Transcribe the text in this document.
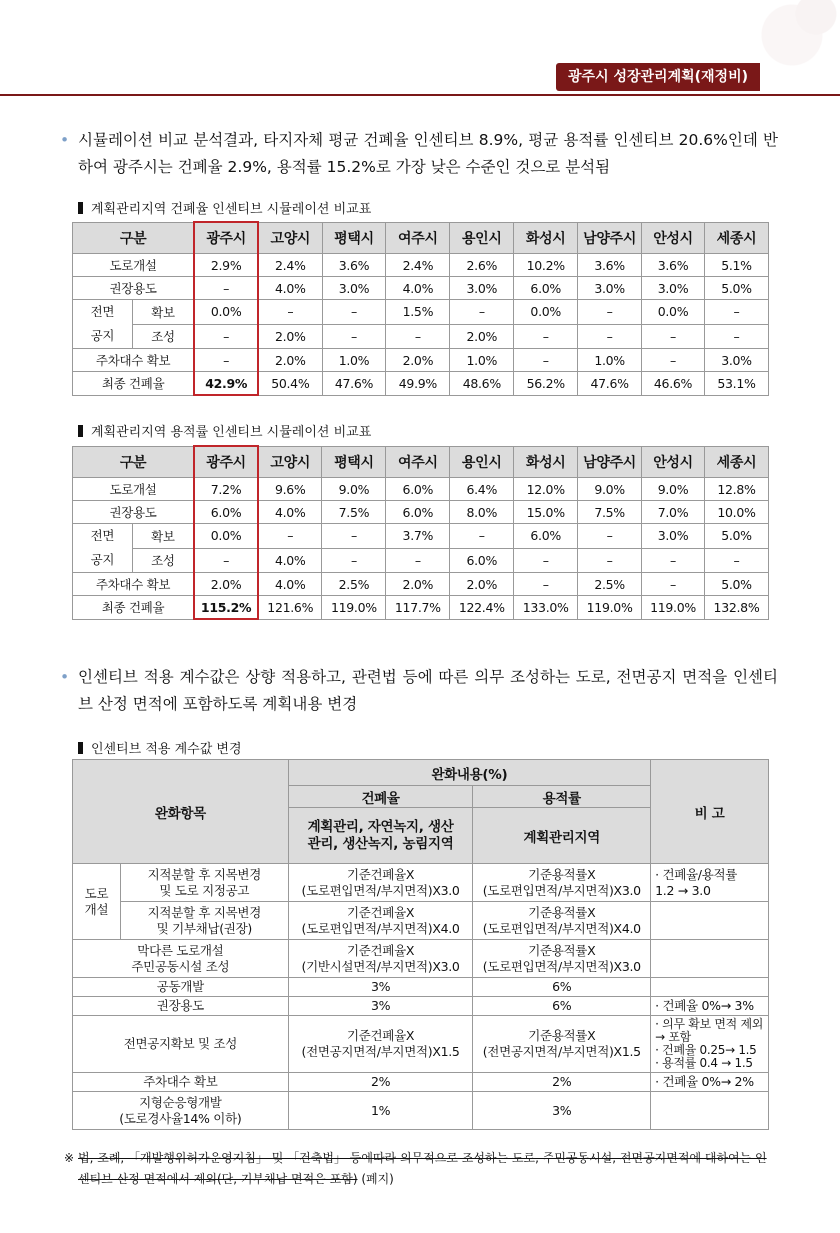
광주시 성장관리계획(재정비)
• 시뮬레이션 비교 분석결과, 타지자체 평균 건폐율 인센티브 8.9%, 평균 용적률 인센티브 20.6%인데 반하여 광주시는 건폐율 2.9%, 용적률 15.2%로 가장 낮은 수준인 것으로 분석됨
계획관리지역 건폐율 인센티브 시뮬레이션 비교표
구분		광주시	고양시	평택시	여주시	용인시	화성시	남양주시	안성시	세종시
도로개설		2.9%	2.4%	3.6%	2.4%	2.6%	10.2%	3.6%	3.6%	5.1%
권장용도		–	4.0%	3.0%	4.0%	3.0%	6.0%	3.0%	3.0%	5.0%
전면
공지	확보	0.0%	–	–	1.5%	–	0.0%	–	0.0%	–
	조성	–	2.0%	–	–	2.0%	–	–	–	–
주차대수 확보		–	2.0%	1.0%	2.0%	1.0%	–	1.0%	–	3.0%
최종 건폐율		42.9%	50.4%	47.6%	49.9%	48.6%	56.2%	47.6%	46.6%	53.1%
계획관리지역 용적률 인센티브 시뮬레이션 비교표
구분		광주시	고양시	평택시	여주시	용인시	화성시	남양주시	안성시	세종시
도로개설		7.2%	9.6%	9.0%	6.0%	6.4%	12.0%	9.0%	9.0%	12.8%
권장용도		6.0%	4.0%	7.5%	6.0%	8.0%	15.0%	7.5%	7.0%	10.0%
전면
공지	확보	0.0%	–	–	3.7%	–	6.0%	–	3.0%	5.0%
	조성	–	4.0%	–	–	6.0%	–	–	–	–
주차대수 확보		2.0%	4.0%	2.5%	2.0%	2.0%	–	2.5%	–	5.0%
최종 건폐율		115.2%	121.6%	119.0%	117.7%	122.4%	133.0%	119.0%	119.0%	132.8%
• 인센티브 적용 계수값은 상향 적용하고, 관련법 등에 따른 의무 조성하는 도로, 전면공지 면적을 인센티브 산정 면적에 포함하도록 계획내용 변경
인센티브 적용 계수값 변경
완화항목		완화내용(%)		비 고
		건폐율	용적률	
		계획관리, 자연녹지, 생산관리, 생산녹지, 농림지역	계획관리지역	
도로
개설	지적분할 후 지목변경 및 도로 지정공고	기준건폐율X
(도로편입면적/부지면적)X3.0	기준용적률X
(도로편입면적/부지면적)X3.0	· 건폐율/용적률 1.2 → 3.0
	지적분할 후 지목변경 및 기부채납(권장)	기준건폐율X
(도로편입면적/부지면적)X4.0	기준용적률X
(도로편입면적/부지면적)X4.0	
막다른 도로개설
주민공동시설 조성		기준건폐율X
(기반시설면적/부지면적)X3.0	기준용적률X
(도로편입면적/부지면적)X3.0	
공동개발		3%	6%	
권장용도		3%	6%	· 건폐율 0%→ 3%
전면공지확보 및 조성		기준건폐율X
(전면공지면적/부지면적)X1.5	기준용적률X
(전면공지면적/부지면적)X1.5	· 의무 확보 면적 제외 → 포함
· 건폐율 0.25→ 1.5
· 용적률 0.4 → 1.5
주차대수 확보		2%	2%	· 건폐율 0%→ 2%
지형순응형개발
(도로경사율14% 이하)		1%	3%	
※ 법, 조례, 「개발행위허가운영지침」 및 「건축법」 등에따라 의무적으로 조성하는 도로, 주민공동시설, 전면공지면적에 대하여는 인센티브 산정 면적에서 제외(단, 기부채납 면적은 포함) (폐지)
